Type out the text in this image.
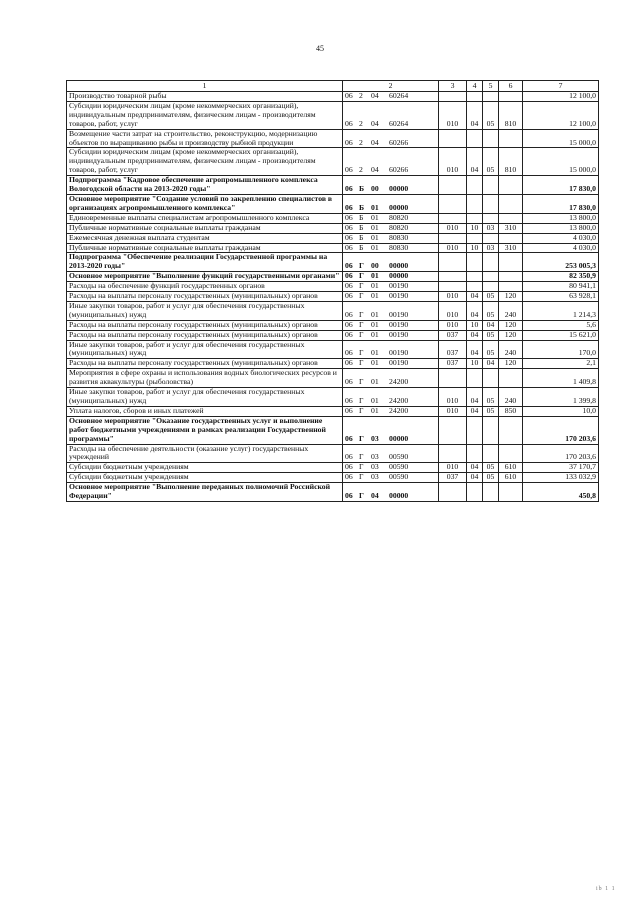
45
1	2	3	4	5	6	7
Производство товарной рыбы	06 2 04 60264					12 100,0
Субсидии юридическим лицам (кроме некоммерческих организаций), индивидуальным предпринимателям, физическим лицам - производителям товаров, работ, услуг	06 2 04 60264	010	04	05	810	12 100,0
Возмещение части затрат на строительство, реконструкцию, модернизацию объектов по выращиванию рыбы и производству рыбной продукции	06 2 04 60266					15 000,0
Субсидии юридическим лицам (кроме некоммерческих организаций), индивидуальным предпринимателям, физическим лицам - производителям товаров, работ, услуг	06 2 04 60266	010	04	05	810	15 000,0
Подпрограмма "Кадровое обеспечение агропромышленного комплекса Вологодской области на 2013-2020 годы"	06 Б 00 00000					17 830,0
Основное мероприятие "Создание условий по закреплению специалистов в организациях агропромышленного комплекса"	06 Б 01 00000					17 830,0
Единовременные выплаты специалистам агропромышленного комплекса	06 Б 01 80820					13 800,0
Публичные нормативные социальные выплаты гражданам	06 Б 01 80820	010	10	03	310	13 800,0
Ежемесячная денежная выплата студентам	06 Б 01 80830					4 030,0
Публичные нормативные социальные выплаты гражданам	06 Б 01 80830	010	10	03	310	4 030,0
Подпрограмма "Обеспечение реализации Государственной программы на 2013-2020 годы"	06 Г 00 00000					253 005,3
Основное мероприятие "Выполнение функций государственными органами"	06 Г 01 00000					82 350,9
Расходы на обеспечение функций государственных органов	06 Г 01 00190					80 941,1
Расходы на выплаты персоналу государственных (муниципальных) органов	06 Г 01 00190	010	04	05	120	63 928,1
Иные закупки товаров, работ и услуг для обеспечения государственных (муниципальных) нужд	06 Г 01 00190	010	04	05	240	1 214,3
Расходы на выплаты персоналу государственных (муниципальных) органов	06 Г 01 00190	010	10	04	120	5,6
Расходы на выплаты персоналу государственных (муниципальных) органов	06 Г 01 00190	037	04	05	120	15 621,0
Иные закупки товаров, работ и услуг для обеспечения государственных (муниципальных) нужд	06 Г 01 00190	037	04	05	240	170,0
Расходы на выплаты персоналу государственных (муниципальных) органов	06 Г 01 00190	037	10	04	120	2,1
Мероприятия в сфере охраны и использования водных биологических ресурсов и развития аквакультуры (рыболовства)	06 Г 01 24200					1 409,8
Иные закупки товаров, работ и услуг для обеспечения государственных (муниципальных) нужд	06 Г 01 24200	010	04	05	240	1 399,8
Уплата налогов, сборов и иных платежей	06 Г 01 24200	010	04	05	850	10,0
Основное мероприятие "Оказание государственных услуг и выполнение работ бюджетными учреждениями в рамках реализации Государственной программы"	06 Г 03 00000					170 203,6
Расходы на обеспечение деятельности (оказание услуг) государственных учреждений	06 Г 03 00590					170 203,6
Субсидии бюджетным учреждениям	06 Г 03 00590	010	04	05	610	37 170,7
Субсидии бюджетным учреждениям	06 Г 03 00590	037	04	05	610	133 032,9
Основное мероприятие "Выполнение переданных полномочий Российской Федерации"	06 Г 04 00000					450,8
ib 1 1
